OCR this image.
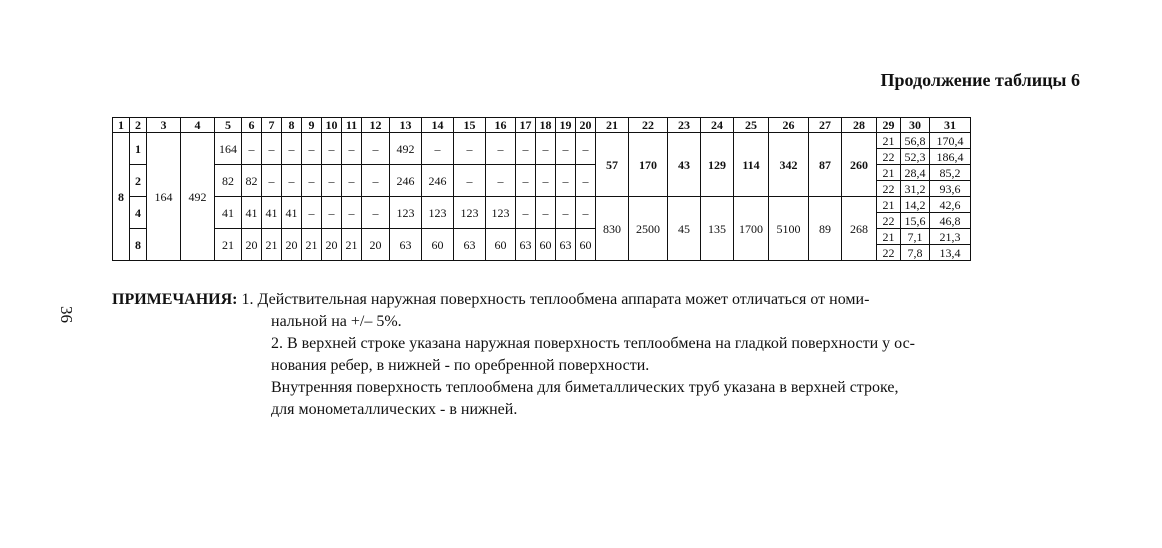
Продолжение таблицы 6
36
1	2	3	4	5	6	7	8	9	10	11	12	13	14	15	16	17	18	19	20	21	22	23	24	25	26	27	28	29	30	31
8	1	164	492	164	–	–	–	–	–	–	–	492	–	–	–	–	–	–	–	57	170	43	129	114	342	87	260	21	56,8	170,4
																												22	52,3	186,4
	2			82	82	–	–	–	–	–	–	246	246	–	–	–	–	–	–									21	28,4	85,2
																												22	31,2	93,6
	4			41	41	41	41	–	–	–	–	123	123	123	123	–	–	–	–	830	2500	45	135	1700	5100	89	268	21	14,2	42,6
																												22	15,6	46,8
	8			21	20	21	20	21	20	21	20	63	60	63	60	63	60	63	60									21	7,1	21,3
																												22	7,8	13,4
ПРИМЕЧАНИЯ: 1. Действительная наружная поверхность теплообмена аппарата может отличаться от номи-
нальной на +/– 5%.
2. В верхней строке указана наружная поверхность теплообмена на гладкой поверхности у ос-
нования ребер, в нижней - по оребренной поверхности.
Внутренняя поверхность теплообмена для биметаллических труб указана в верхней строке,
для монометаллических - в нижней.
